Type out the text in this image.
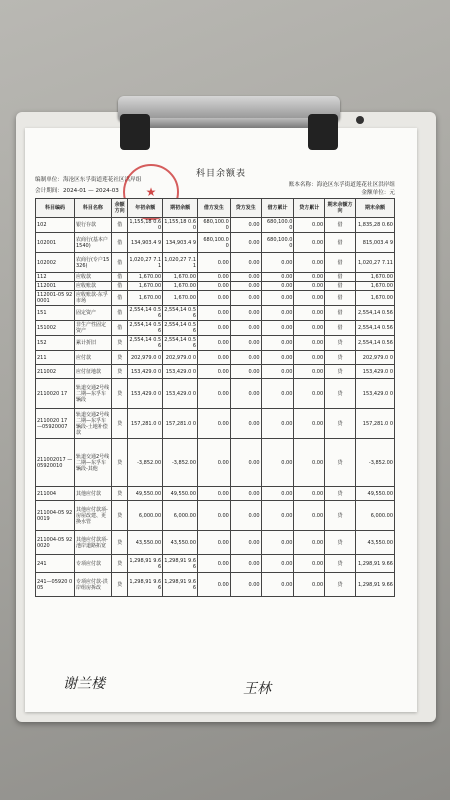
科目余额表
编制单位：海沧区东孚街道莲花社区洪岸组
会计期间：2024-01 — 2024-03
账本名称：海沧区东孚街道莲花社区洪岸组
金额单位：元
★
科目编码	科目名称	余额方向	年初余额	期初余额	借方发生	贷方发生	借方累计	贷方累计	期末余额方向	期末余额
102	银行存款	借	1,155,18 0.60	1,155,18 0.60	680,100.0 0	0.00	680,100.0 0	0.00	借	1,835,28 0.60
102001	农商行(基本户1540)	借	134,903.4 9	134,903.4 9	680,100.0 0	0.00	680,100.0 0	0.00	借	815,003.4 9
102002	农商行(专户15326)	借	1,020,27 7.11	1,020,27 7.11	0.00	0.00	0.00	0.00	借	1,020,27 7.11
112	应收款	借	1,670.00	1,670.00	0.00	0.00	0.00	0.00	借	1,670.00
112001	应收账款	借	1,670.00	1,670.00	0.00	0.00	0.00	0.00	借	1,670.00
112001-05 920001	应收账款-东孚市场	借	1,670.00	1,670.00	0.00	0.00	0.00	0.00	借	1,670.00
151	固定资产	借	2,554,14 0.56	2,554,14 0.56	0.00	0.00	0.00	0.00	借	2,554,14 0.56
151002	非生产性固定资产	借	2,554,14 0.56	2,554,14 0.56	0.00	0.00	0.00	0.00	借	2,554,14 0.56
152	累计折旧	贷	2,554,14 0.56	2,554,14 0.56	0.00	0.00	0.00	0.00	贷	2,554,14 0.56
211	应付款	贷	202,979.0 0	202,979.0 0	0.00	0.00	0.00	0.00	贷	202,979.0 0
211002	应付征地款	贷	153,429.0 0	153,429.0 0	0.00	0.00	0.00	0.00	贷	153,429.0 0
2110020 17	轨道交通2号线二期—东孚车辆段	贷	153,429.0 0	153,429.0 0	0.00	0.00	0.00	0.00	贷	153,429.0 0
2110020 17 —05920007	轨道交通2号线二期—东孚车辆段-土地补偿款	贷	157,281.0 0	157,281.0 0	0.00	0.00	0.00	0.00	贷	157,281.0 0
211002017 —05920010	轨道交通2号线二期—东孚车辆段-其他	贷	-3,852.00	-3,852.00	0.00	0.00	0.00	0.00	贷	-3,852.00
211004	其他应付款	贷	49,550.00	49,550.00	0.00	0.00	0.00	0.00	贷	49,550.00
211004-05 920019	其他应付款项-房屋改建、更换水管	贷	6,000.00	6,000.00	0.00	0.00	0.00	0.00	贷	6,000.00
211004-05 920020	其他应付款项-池岸道路拓宽	贷	43,550.00	43,550.00	0.00	0.00	0.00	0.00	贷	43,550.00
241	专项应付款	贷	1,298,91 9.66	1,298,91 9.66	0.00	0.00	0.00	0.00	贷	1,298,91 9.66
241—05920 005	专项应付款-洪岸组房拆改	贷	1,298,91 9.66	1,298,91 9.66	0.00	0.00	0.00	0.00	贷	1,298,91 9.66
谢兰楼	王林
